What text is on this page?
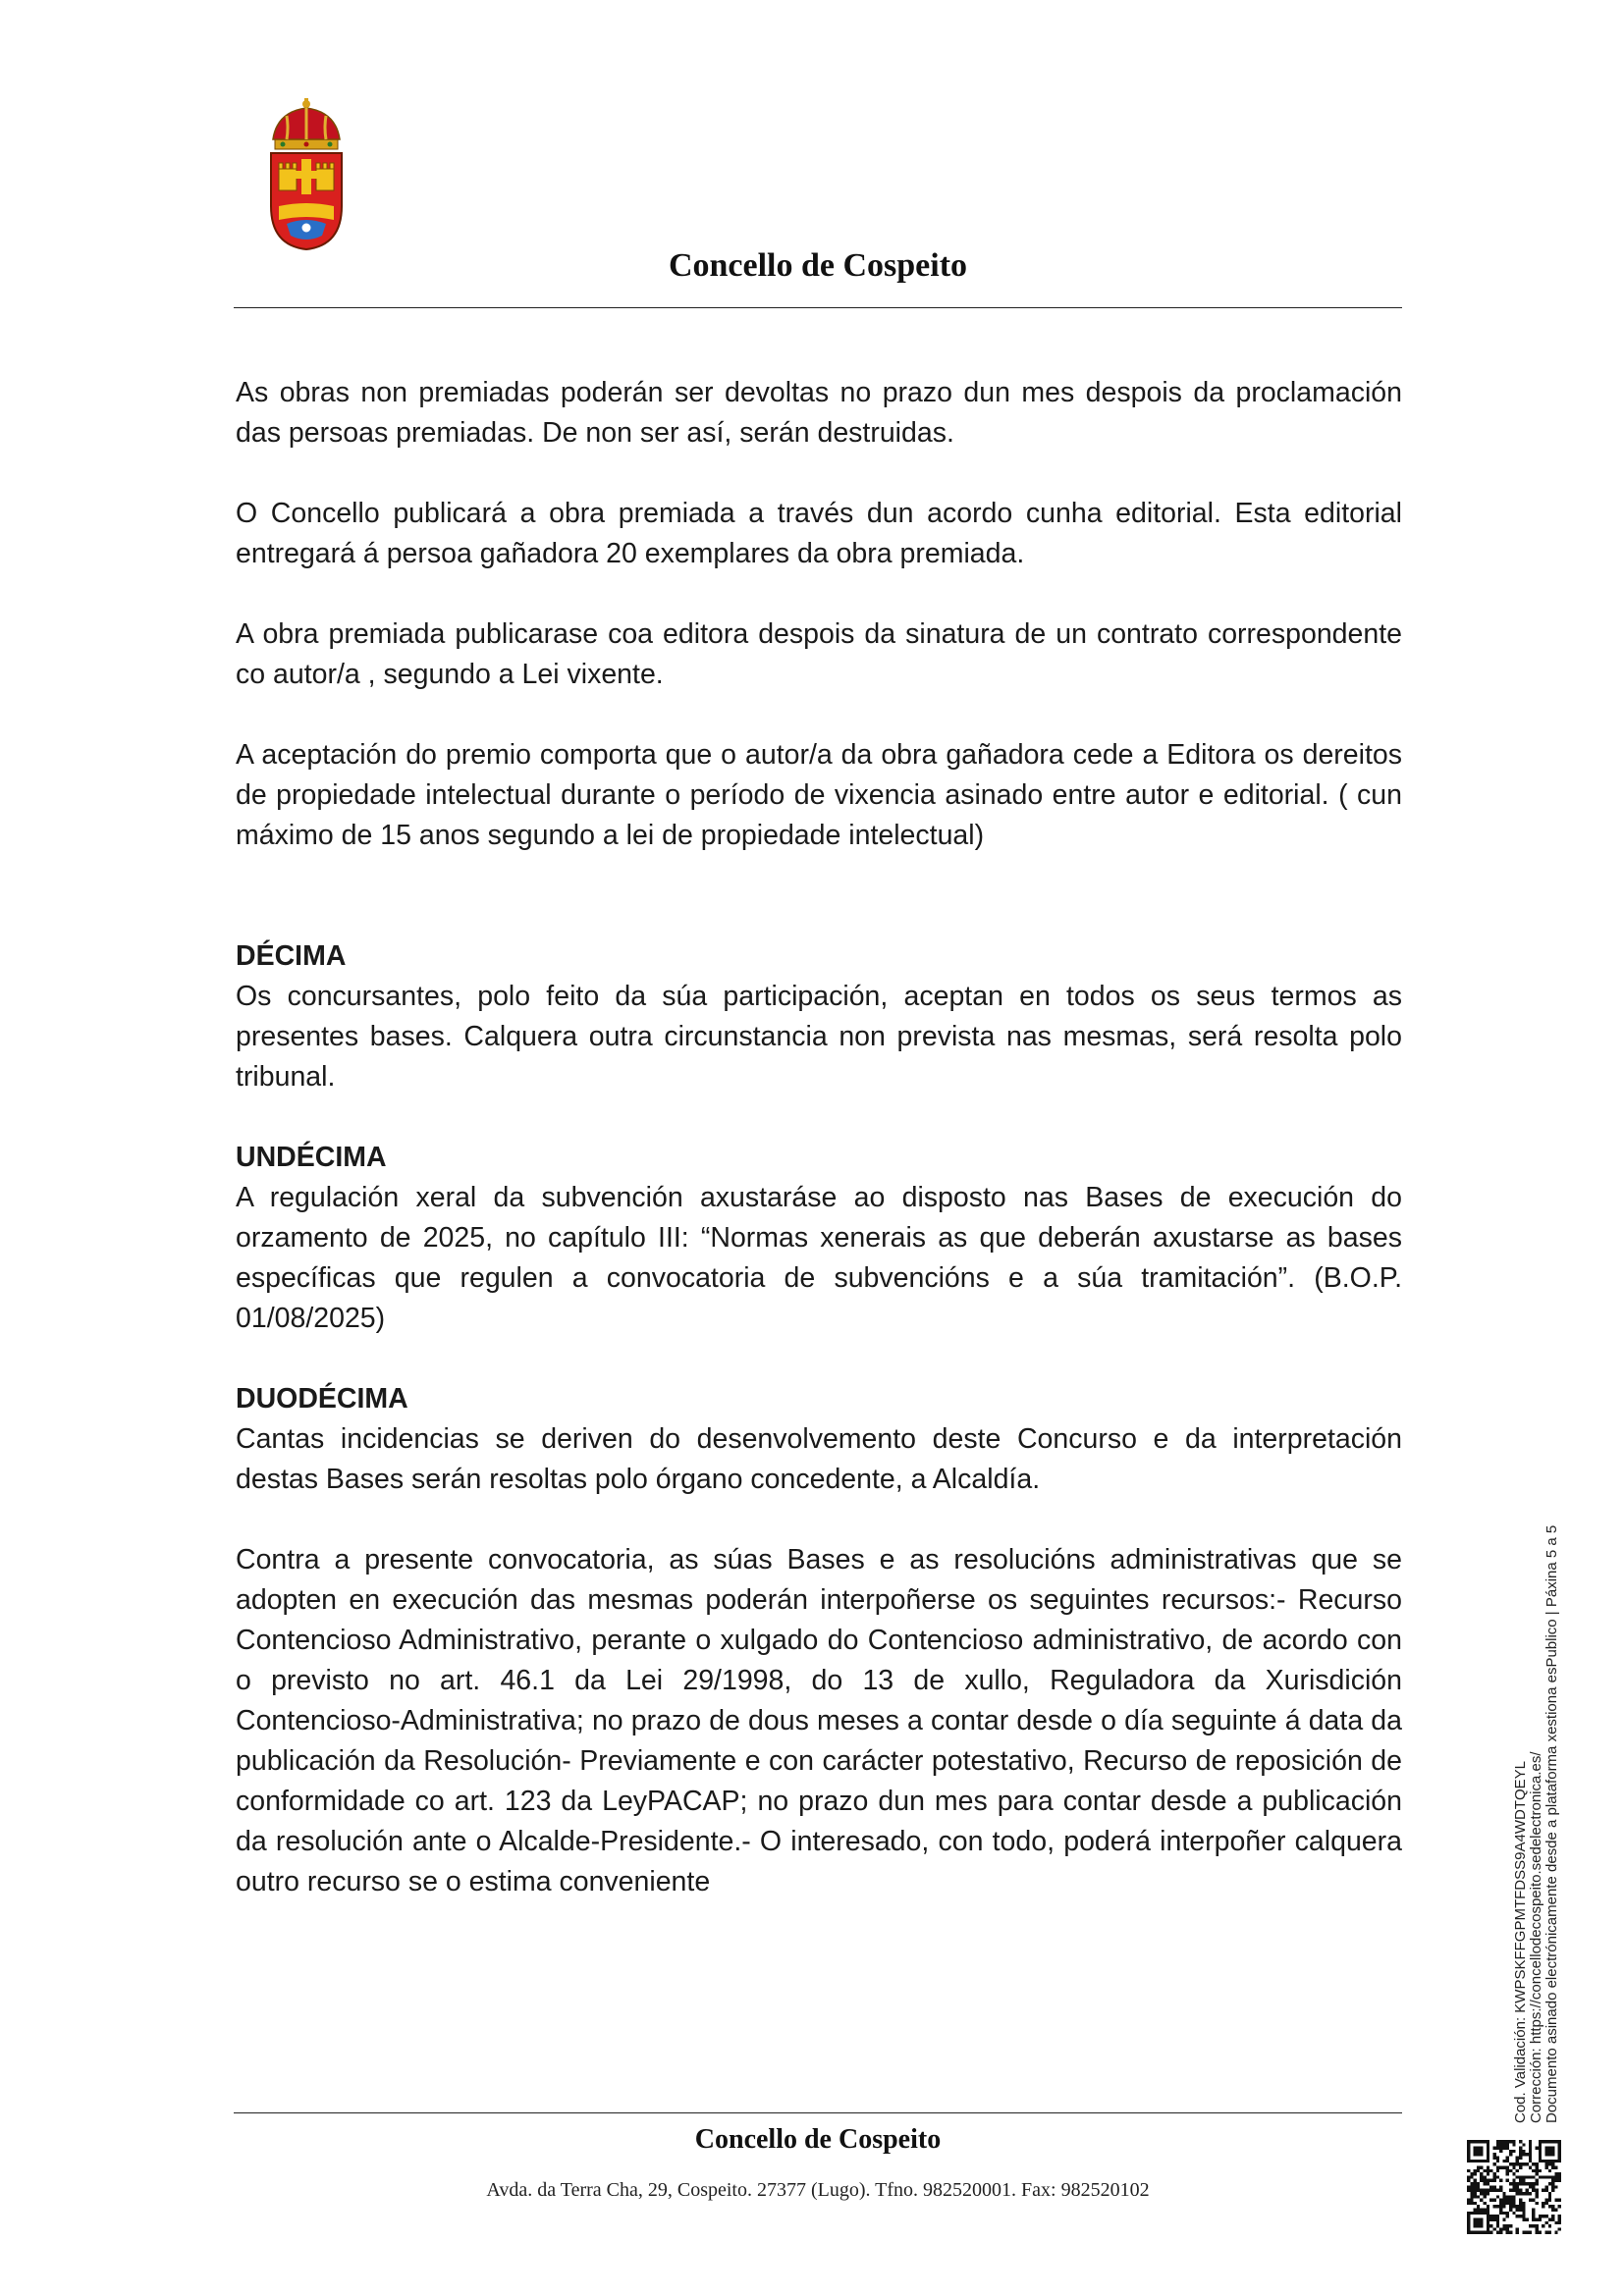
Concello de Cospeito

As obras non premiadas poderán ser devoltas no prazo dun mes despois da proclamación das persoas premiadas. De non ser así, serán destruidas.

O Concello publicará a obra premiada a través dun acordo cunha editorial. Esta editorial entregará á persoa gañadora 20 exemplares da obra premiada.

A obra premiada publicarase coa editora despois da sinatura de un contrato correspondente co autor/a , segundo a Lei vixente.

A aceptación do premio comporta que o autor/a da obra gañadora cede a Editora os dereitos de propiedade intelectual durante o período de vixencia asinado entre autor e editorial. ( cun máximo de 15 anos segundo a lei de propiedade intelectual)

DÉCIMA

Os concursantes, polo feito da súa participación, aceptan en todos os seus termos as presentes bases. Calquera outra circunstancia non prevista nas mesmas, será resolta polo tribunal.

UNDÉCIMA

A regulación xeral da subvención axustaráse ao disposto nas Bases de execución do orzamento de 2025, no capítulo III: “Normas xenerais as que deberán axustarse as bases específicas que regulen a convocatoria de subvencións e a súa tramitación”. (B.O.P. 01/08/2025)

DUODÉCIMA

Cantas incidencias se deriven do desenvolvemento deste Concurso e da interpretación destas Bases serán resoltas polo órgano concedente, a Alcaldía.

Contra a presente convocatoria, as súas Bases e as resolucións administrativas que se adopten en execución das mesmas poderán interpoñerse os seguintes recursos:- Recurso Contencioso Administrativo, perante o xulgado do Contencioso administrativo, de acordo con o previsto no art. 46.1 da Lei 29/1998, do 13 de xullo, Reguladora da Xurisdición Contencioso-Administrativa; no prazo de dous meses a contar desde o día seguinte á data da publicación da Resolución- Previamente e con carácter potestativo, Recurso de reposición de conformidade co art. 123 da LeyPACAP; no prazo dun mes para contar desde a publicación da resolución ante o Alcalde-Presidente.- O interesado, con todo, poderá interpoñer calquera outro recurso se o estima conveniente

Concello de Cospeito
Avda. da Terra Cha, 29, Cospeito. 27377 (Lugo). Tfno. 982520001. Fax: 982520102
Cod. Validación: KWPSKFFGPMTFDSS9A4WDTQEYL Corrección: https://concellodecospeito.sedelectronica.es/ Documento asinado electrónicamente desde a plataforma xestiona esPublico | Páxina 5 a 5
